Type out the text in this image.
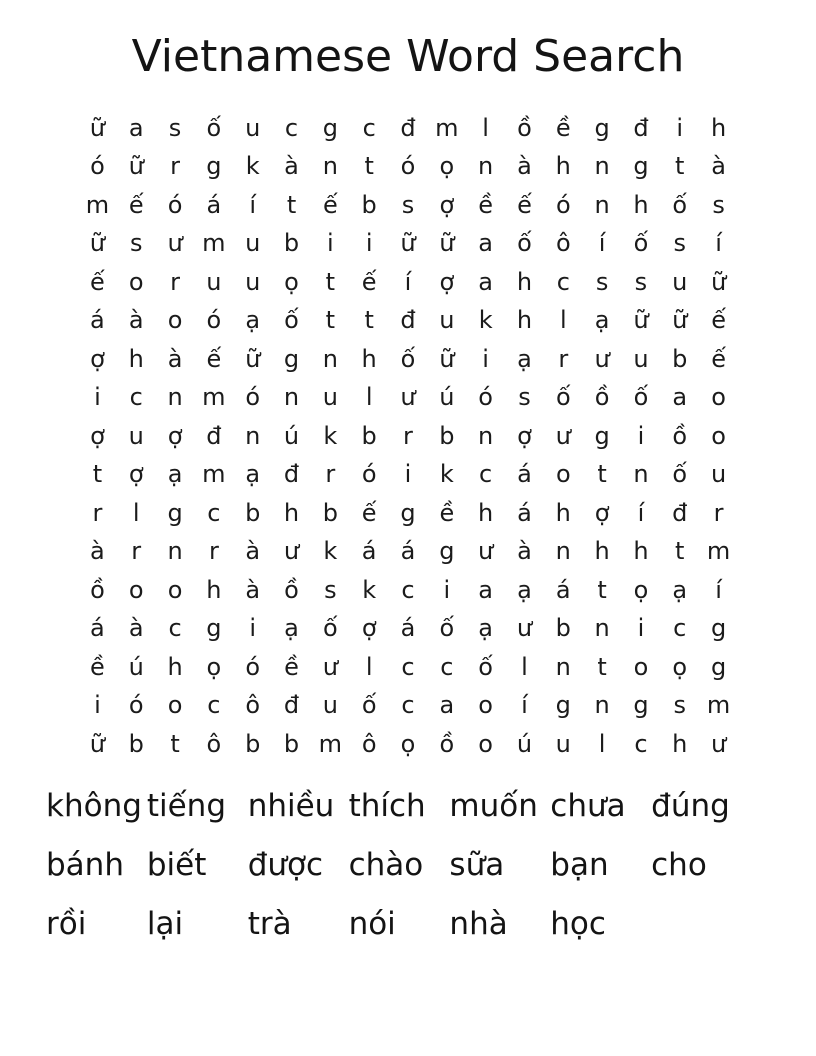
Vietnamese Word Search
ữ a	s	ố u	c	g	c	đ m l	ồ	ề g đ	i	h
ó ữ	r	g	k	à n	t	ó	ọ n à h n g	t	à
m ế	ó	á	í	t	ế b	s	ợ	ề	ế	ó n h ố	s
ữ	s	ư m u b	i	i	ữ ữ a	ố	ô	í	ố	s	í
ế	o	r	u u ọ	t	ế	í	ợ	a h	c	s	s	u ữ
á	à	o	ó	ạ	ố	t	t	đ u	k	h	l	ạ ữ ữ ế
ợ h à	ế ữ g n h ố ữ	i	ạ	r	ư u b ế
i	c	n m ó n u	l	ư ú ó	s	ố	ồ	ố	a	o
ợ u ợ đ n ú	k	b	r	b n ợ ư g	i	ồ	o
t	ợ	ạ m ạ đ	r	ó	i	k	c	á	o	t	n ố u
r	l	g	c	b h b ế g ề h á h ợ	í	đ	r
à	r	n	r	à ư	k	á	á g ư à n h h	t m
ồ	o	o h à	ồ	s	k	c	i	a	ạ	á	t	ọ	ạ	í
á	à	c	g	i	ạ	ố	ợ	á	ố	ạ ư b n	i	c	g
ề ú h ọ	ó	ề ư	l	c	c	ố	l	n	t	o	ọ g
i	ó	o	c	ô đ u ố	c	a	o	í	g n g	s m
ữ b	t	ô b b m ô	ọ	ồ	o ú u	l	c	h ư
không tiếng nhiều thích muốn chưa đúng
bánh biết	được chào sữa	bạn	cho
rồi	lại	trà	nói	nhà	học
